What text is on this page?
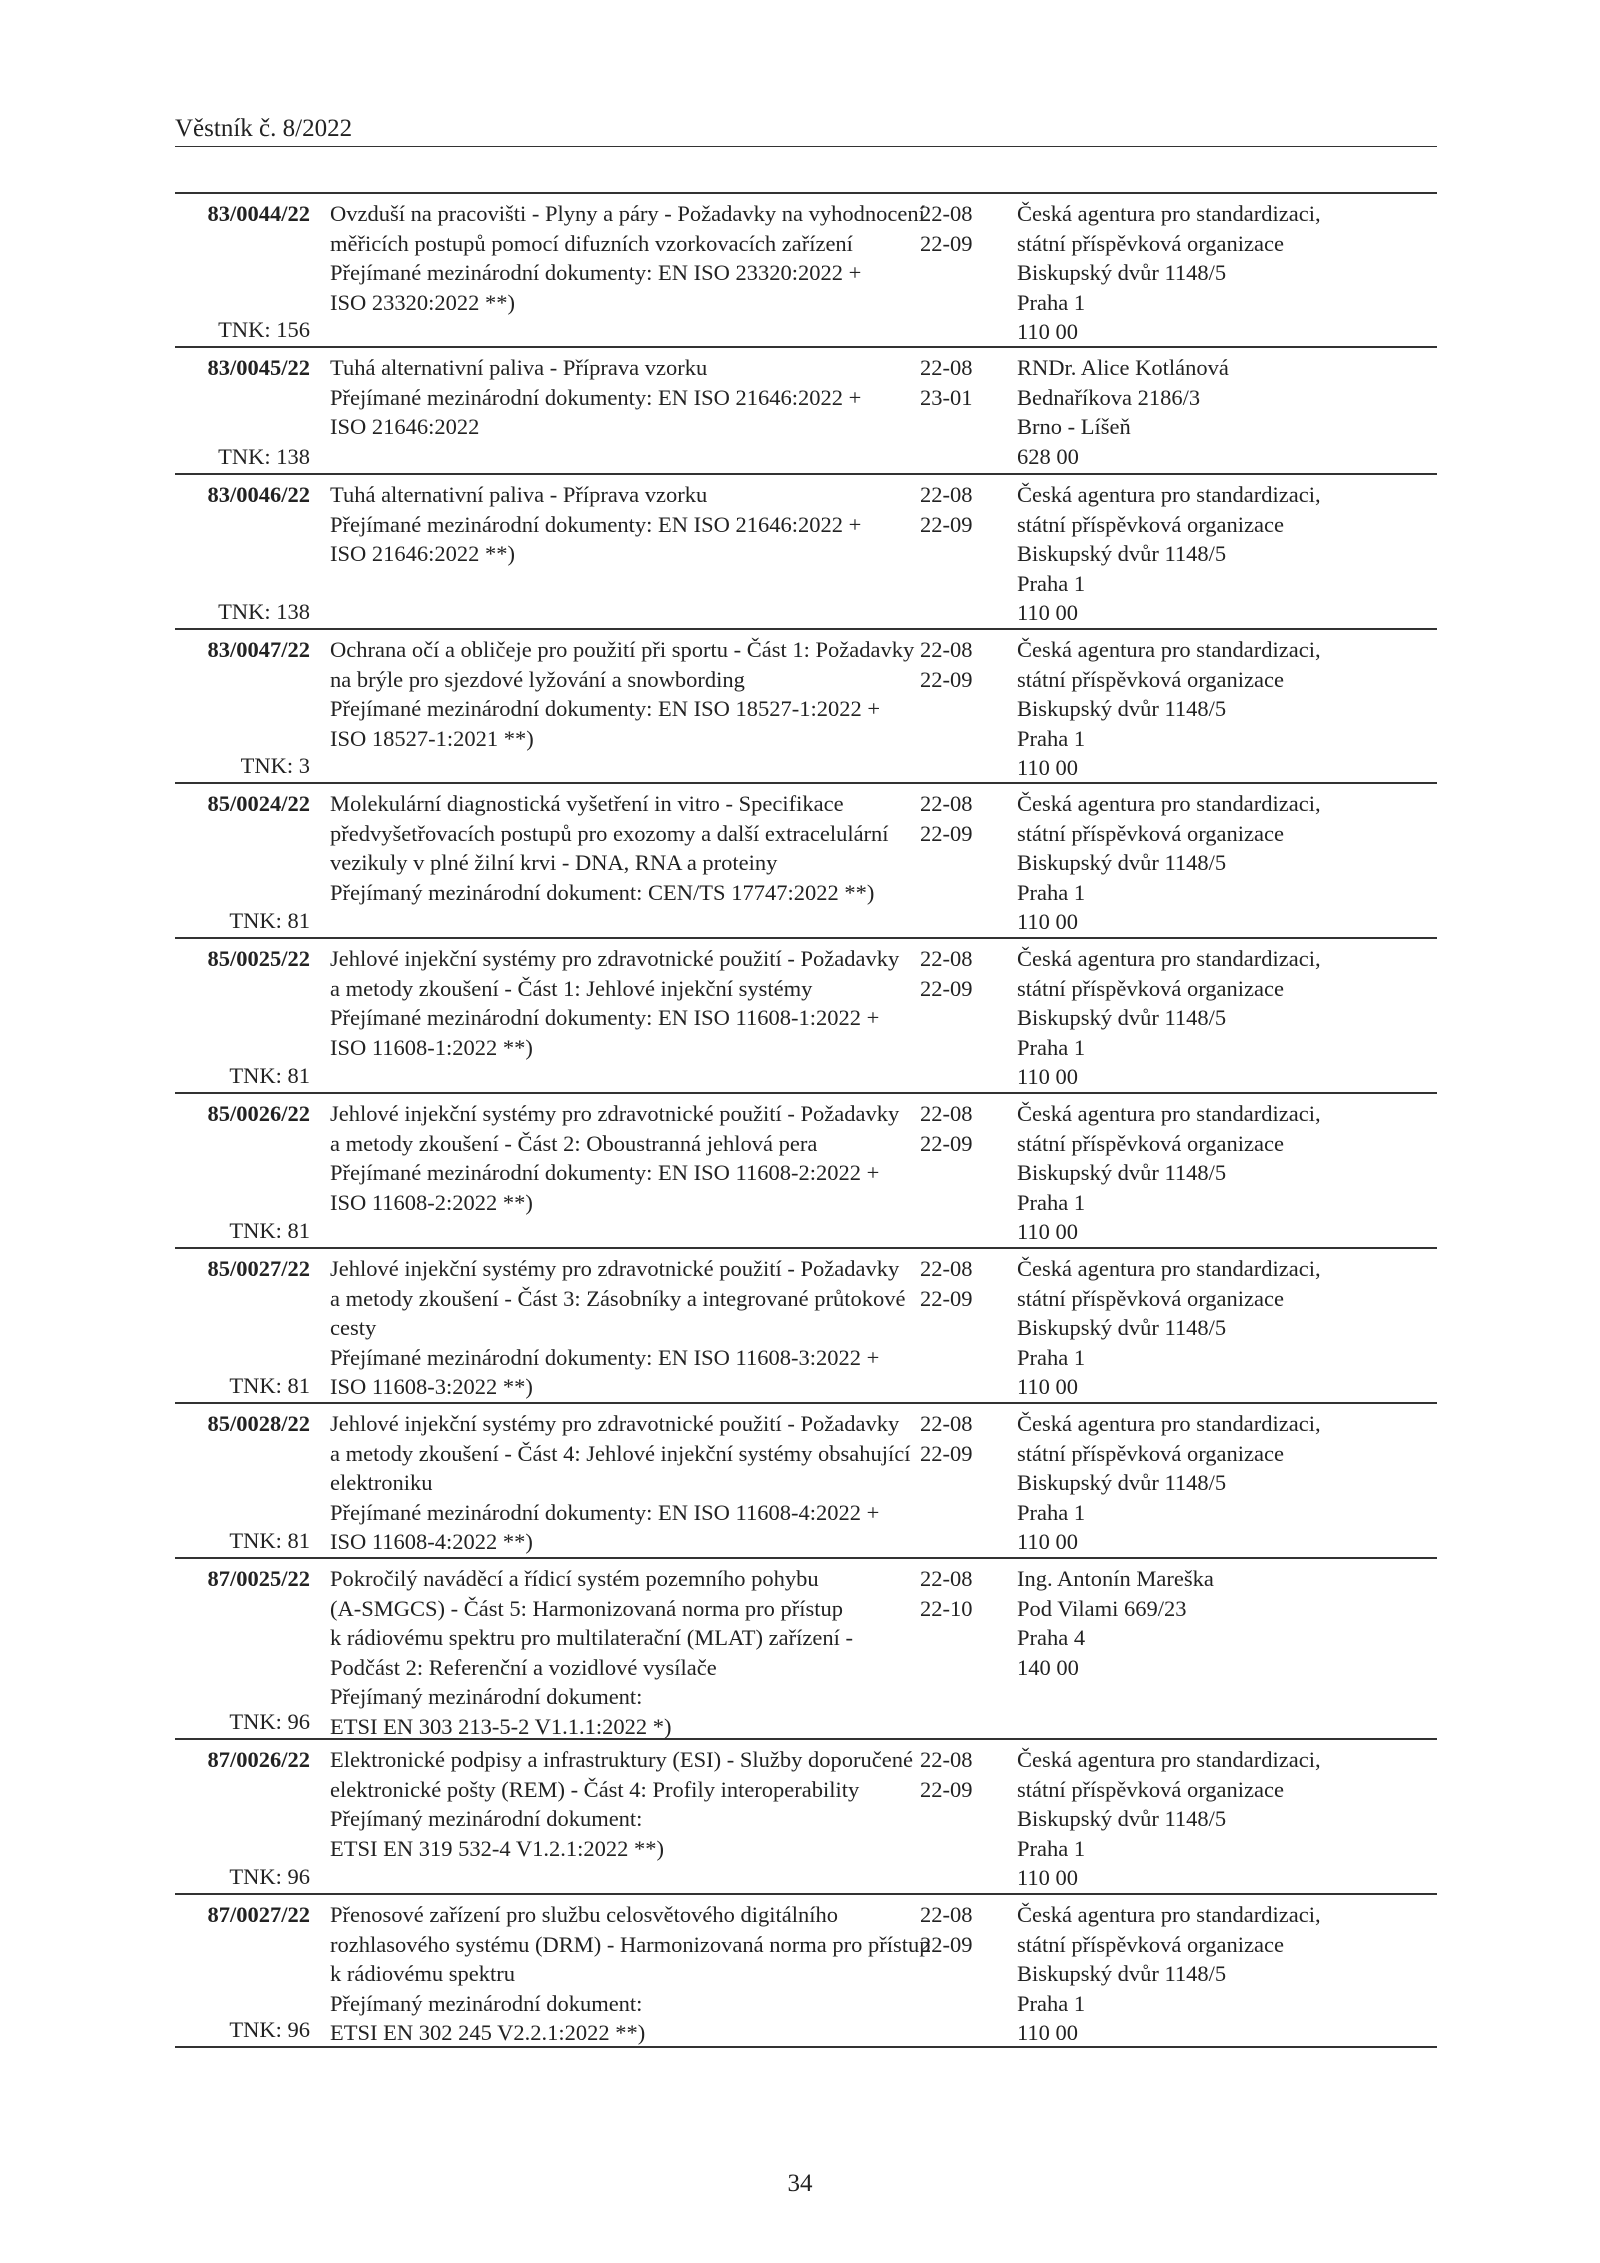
Věstník č. 8/2022
83/0044/22
TNK: 156
Ovzduší na pracovišti - Plyny a páry - Požadavky na vyhodnocení
měřicích postupů pomocí difuzních vzorkovacích zařízení
Přejímané mezinárodní dokumenty: EN ISO 23320:2022 +
ISO 23320:2022 **)
22-08
22-09
Česká agentura pro standardizaci,
státní příspěvková organizace
Biskupský dvůr 1148/5
Praha 1
110 00
83/0045/22
TNK: 138
Tuhá alternativní paliva - Příprava vzorku
Přejímané mezinárodní dokumenty: EN ISO 21646:2022 +
ISO 21646:2022
22-08
23-01
RNDr. Alice Kotlánová
Bednaříkova 2186/3
Brno - Líšeň
628 00
83/0046/22
TNK: 138
Tuhá alternativní paliva - Příprava vzorku
Přejímané mezinárodní dokumenty: EN ISO 21646:2022 +
ISO 21646:2022 **)
22-08
22-09
Česká agentura pro standardizaci,
státní příspěvková organizace
Biskupský dvůr 1148/5
Praha 1
110 00
83/0047/22
TNK: 3
Ochrana očí a obličeje pro použití při sportu - Část 1: Požadavky
na brýle pro sjezdové lyžování a snowbording
Přejímané mezinárodní dokumenty: EN ISO 18527-1:2022 +
ISO 18527-1:2021 **)
22-08
22-09
Česká agentura pro standardizaci,
státní příspěvková organizace
Biskupský dvůr 1148/5
Praha 1
110 00
85/0024/22
TNK: 81
Molekulární diagnostická vyšetření in vitro - Specifikace
předvyšetřovacích postupů pro exozomy a další extracelulární
vezikuly v plné žilní krvi - DNA, RNA a proteiny
Přejímaný mezinárodní dokument: CEN/TS 17747:2022 **)
22-08
22-09
Česká agentura pro standardizaci,
státní příspěvková organizace
Biskupský dvůr 1148/5
Praha 1
110 00
85/0025/22
TNK: 81
Jehlové injekční systémy pro zdravotnické použití - Požadavky
a metody zkoušení - Část 1: Jehlové injekční systémy
Přejímané mezinárodní dokumenty: EN ISO 11608-1:2022 +
ISO 11608-1:2022 **)
22-08
22-09
Česká agentura pro standardizaci,
státní příspěvková organizace
Biskupský dvůr 1148/5
Praha 1
110 00
85/0026/22
TNK: 81
Jehlové injekční systémy pro zdravotnické použití - Požadavky
a metody zkoušení - Část 2: Oboustranná jehlová pera
Přejímané mezinárodní dokumenty: EN ISO 11608-2:2022 +
ISO 11608-2:2022 **)
22-08
22-09
Česká agentura pro standardizaci,
státní příspěvková organizace
Biskupský dvůr 1148/5
Praha 1
110 00
85/0027/22
TNK: 81
Jehlové injekční systémy pro zdravotnické použití - Požadavky
a metody zkoušení - Část 3: Zásobníky a integrované průtokové
cesty
Přejímané mezinárodní dokumenty: EN ISO 11608-3:2022 +
ISO 11608-3:2022 **)
22-08
22-09
Česká agentura pro standardizaci,
státní příspěvková organizace
Biskupský dvůr 1148/5
Praha 1
110 00
85/0028/22
TNK: 81
Jehlové injekční systémy pro zdravotnické použití - Požadavky
a metody zkoušení - Část 4: Jehlové injekční systémy obsahující
elektroniku
Přejímané mezinárodní dokumenty: EN ISO 11608-4:2022 +
ISO 11608-4:2022 **)
22-08
22-09
Česká agentura pro standardizaci,
státní příspěvková organizace
Biskupský dvůr 1148/5
Praha 1
110 00
87/0025/22
TNK: 96
Pokročilý naváděcí a řídicí systém pozemního pohybu
(A-SMGCS) - Část 5: Harmonizovaná norma pro přístup
k rádiovému spektru pro multilaterační (MLAT) zařízení -
Podčást 2: Referenční a vozidlové vysílače
Přejímaný mezinárodní dokument:
ETSI EN 303 213-5-2 V1.1.1:2022 *)
22-08
22-10
Ing. Antonín Mareška
Pod Vilami 669/23
Praha 4
140 00
87/0026/22
TNK: 96
Elektronické podpisy a infrastruktury (ESI) - Služby doporučené
elektronické pošty (REM) - Část 4: Profily interoperability
Přejímaný mezinárodní dokument:
ETSI EN 319 532-4 V1.2.1:2022 **)
22-08
22-09
Česká agentura pro standardizaci,
státní příspěvková organizace
Biskupský dvůr 1148/5
Praha 1
110 00
87/0027/22
TNK: 96
Přenosové zařízení pro službu celosvětového digitálního
rozhlasového systému (DRM) - Harmonizovaná norma pro přístup
k rádiovému spektru
Přejímaný mezinárodní dokument:
ETSI EN 302 245 V2.2.1:2022 **)
22-08
22-09
Česká agentura pro standardizaci,
státní příspěvková organizace
Biskupský dvůr 1148/5
Praha 1
110 00
34
